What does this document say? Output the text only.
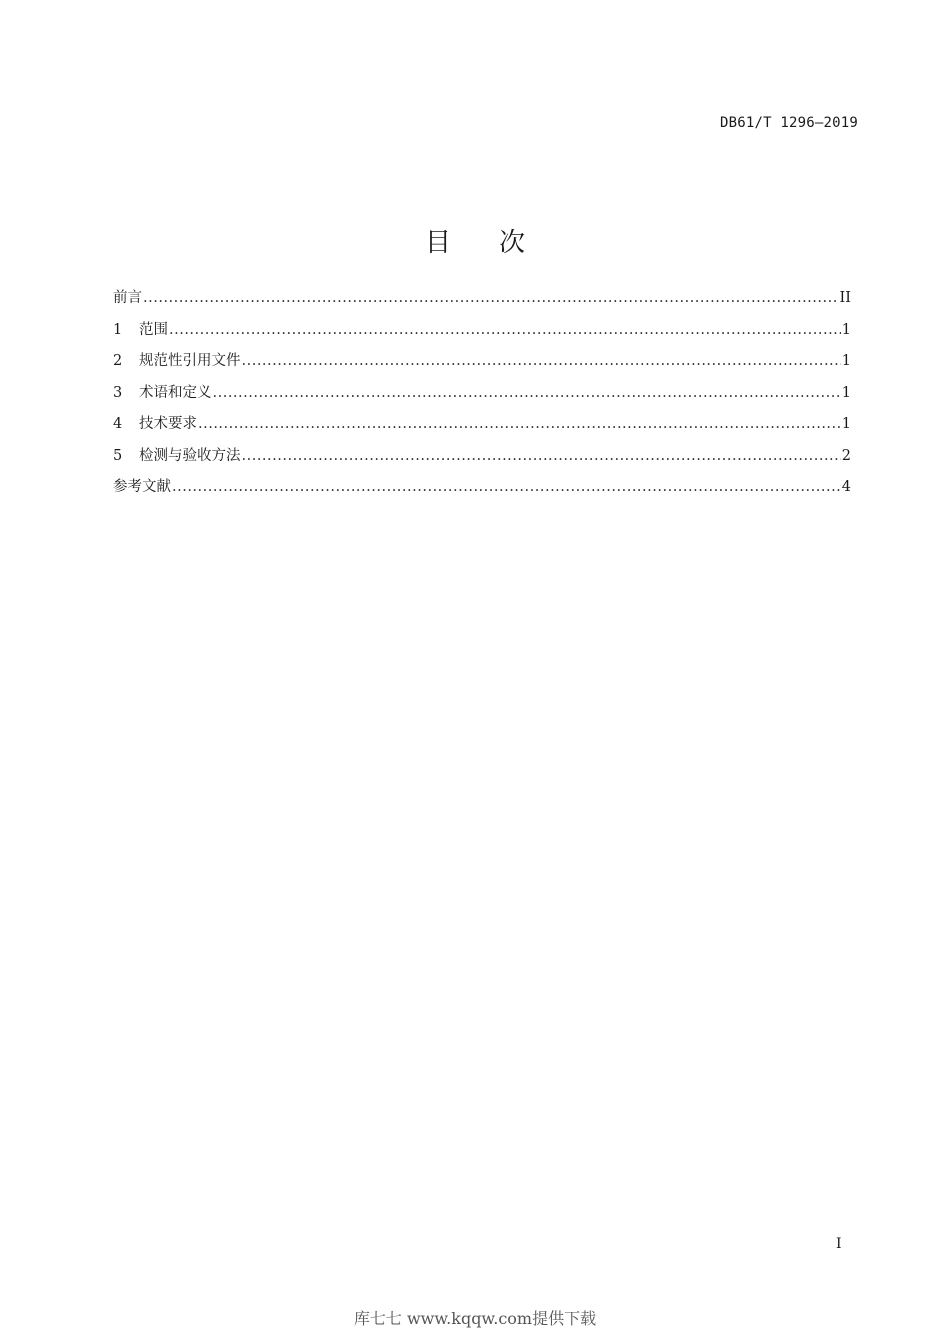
DB61/T 1296—2019
目 次
前言 .....	II
1	范围 .....	1
2	规范性引用文件 .....	1
3	术语和定义 .....	1
4	技术要求 .....	1
5	检测与验收方法 .....	2
参考文献 .....	4
I
库七七 www.kqqw.com提供下载
